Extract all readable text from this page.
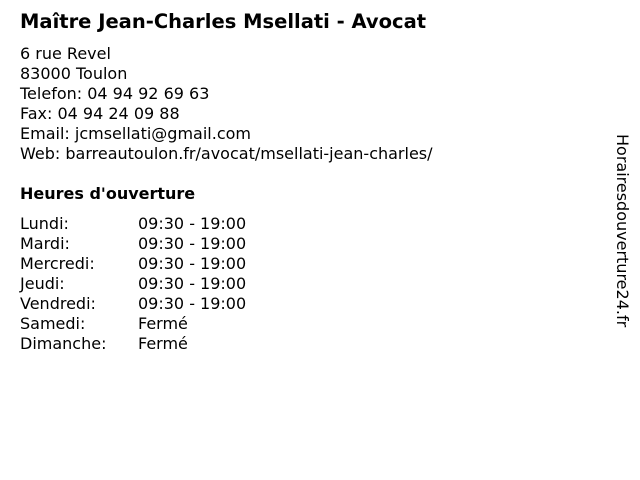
Maître Jean-Charles Msellati - Avocat
6 rue Revel
83000 Toulon
Telefon: 04 94 92 69 63
Fax: 04 94 24 09 88
Email: jcmsellati@gmail.com
Web: barreautoulon.fr/avocat/msellati-jean-charles/
Heures d'ouverture
Lundi:	09:30 - 19:00
Mardi:	09:30 - 19:00
Mercredi:	09:30 - 19:00
Jeudi:	09:30 - 19:00
Vendredi:	09:30 - 19:00
Samedi:	Fermé
Dimanche: Fermé
Horairesdouverture24.fr
